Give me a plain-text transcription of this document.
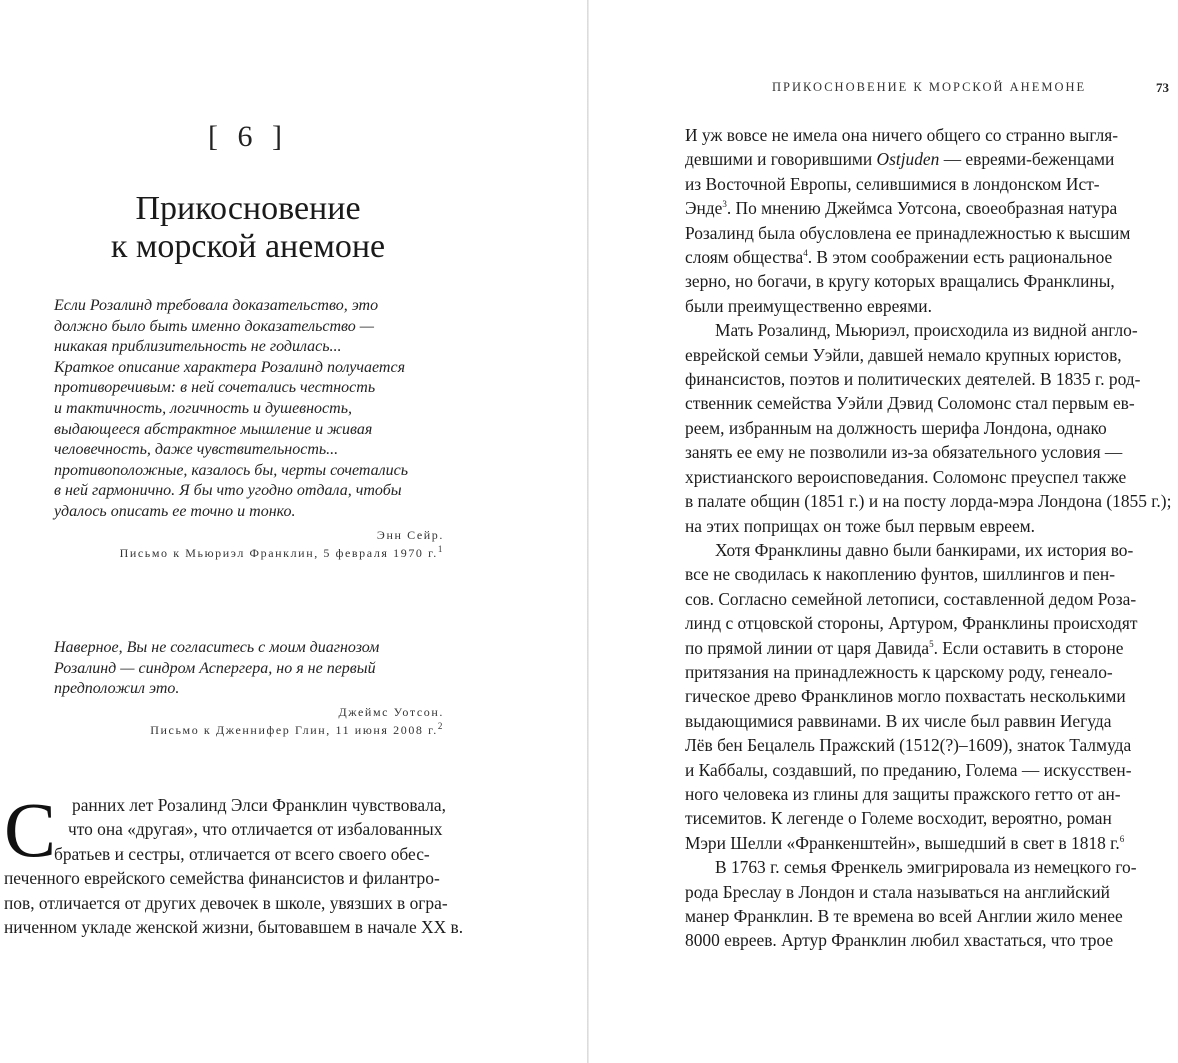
[ 6 ]
Прикосновение
к морской анемоне
Если Розалинд требовала доказательство, это
должно было быть именно доказательство —
никакая приблизительность не годилась...
Краткое описание характера Розалинд получается
противоречивым: в ней сочетались честность
и тактичность, логичность и душевность,
выдающееся абстрактное мышление и живая
человечность, даже чувствительность...
противоположные, казалось бы, черты сочетались
в ней гармонично. Я бы что угодно отдала, чтобы
удалось описать ее точно и тонко.
Энн Сейр.
Письмо к Мьюриэл Франклин, 5 февраля 1970 г.$^1$
Наверное, Вы не согласитесь с моим диагнозом
Розалинд — синдром Аспергера, но я не первый
предположил это.
Джеймс Уотсон.
Письмо к Дженнифер Глин, 11 июня 2008 г.$^2$
С ранних лет Розалинд Элси Франклин чувствовала,
что она «другая», что отличается от избалованных
братьев и сестры, отличается от всего своего обес-
печенного еврейского семейства финансистов и филантро-
пов, отличается от других девочек в школе, увязших в огра-
ниченном укладе женской жизни, бытовавшем в начале XX в.
ПРИКОСНОВЕНИЕ К МОРСКОЙ АНЕМОНЕ	73
И уж вовсе не имела она ничего общего со странно выгля-
девшими и говорившими Ostjuden — евреями-беженцами
из Восточной Европы, селившимися в лондонском Ист-
Энде$^3$. По мнению Джеймса Уотсона, своеобразная натура
Розалинд была обусловлена ее принадлежностью к высшим
слоям общества$^4$. В этом соображении есть рациональное
зерно, но богачи, в кругу которых вращались Франклины,
были преимущественно евреями.
Мать Розалинд, Мьюриэл, происходила из видной англо-
еврейской семьи Уэйли, давшей немало крупных юристов,
финансистов, поэтов и политических деятелей. В 1835 г. род-
ственник семейства Уэйли Дэвид Соломонс стал первым ев-
реем, избранным на должность шерифа Лондона, однако
занять ее ему не позволили из-за обязательного условия —
христианского вероисповедания. Соломонс преуспел также
в палате общин (1851 г.) и на посту лорда-мэра Лондона (1855 г.);
на этих поприщах он тоже был первым евреем.
Хотя Франклины давно были банкирами, их история во-
все не сводилась к накоплению фунтов, шиллингов и пен-
сов. Согласно семейной летописи, составленной дедом Роза-
линд с отцовской стороны, Артуром, Франклины происходят
по прямой линии от царя Давида$^5$. Если оставить в стороне
притязания на принадлежность к царскому роду, генеало-
гическое древо Франклинов могло похвастать несколькими
выдающимися раввинами. В их числе был раввин Иегуда
Лёв бен Бецалель Пражский (1512(?)–1609), знаток Талмуда
и Каббалы, создавший, по преданию, Голема — искусствен-
ного человека из глины для защиты пражского гетто от ан-
тисемитов. К легенде о Големе восходит, вероятно, роман
Мэри Шелли «Франкенштейн», вышедший в свет в 1818 г.$^6$
В 1763 г. семья Френкель эмигрировала из немецкого го-
рода Бреслау в Лондон и стала называться на английский
манер Франклин. В те времена во всей Англии жило менее
8000 евреев. Артур Франклин любил хвастаться, что трое
